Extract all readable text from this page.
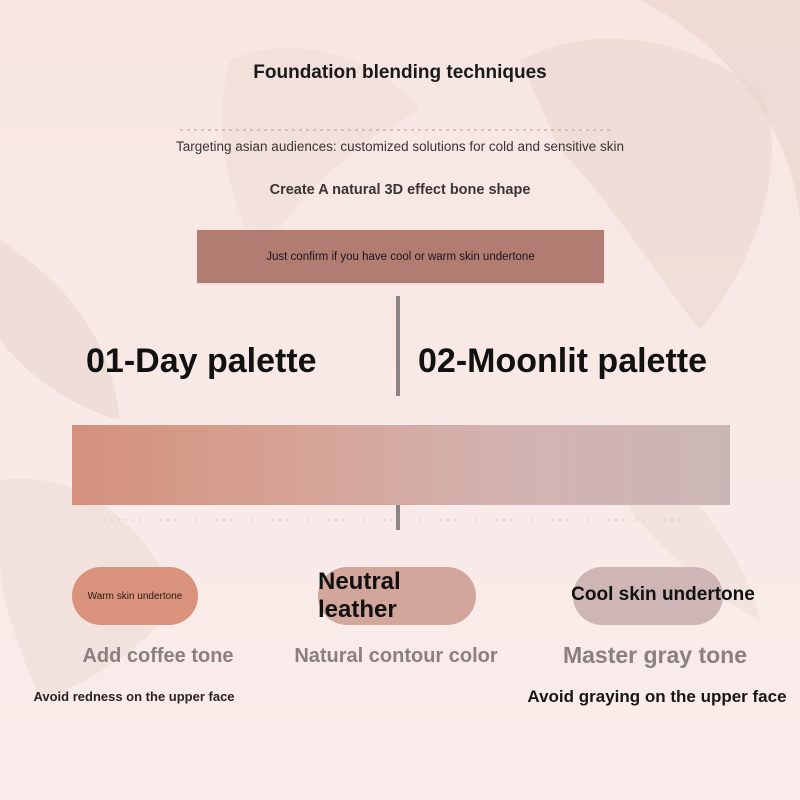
Foundation blending techniques
Targeting asian audiences: customized solutions for cold and sensitive skin
Create A natural 3D effect bone shape
Just confirm if you have cool or warm skin undertone
01-Day palette	02-Moonlit palette
Warm skin undertone
Neutral leather
Cool skin undertone
Add coffee tone	Natural contour color	Master gray tone
Avoid redness on the upper face	Avoid graying on the upper face
